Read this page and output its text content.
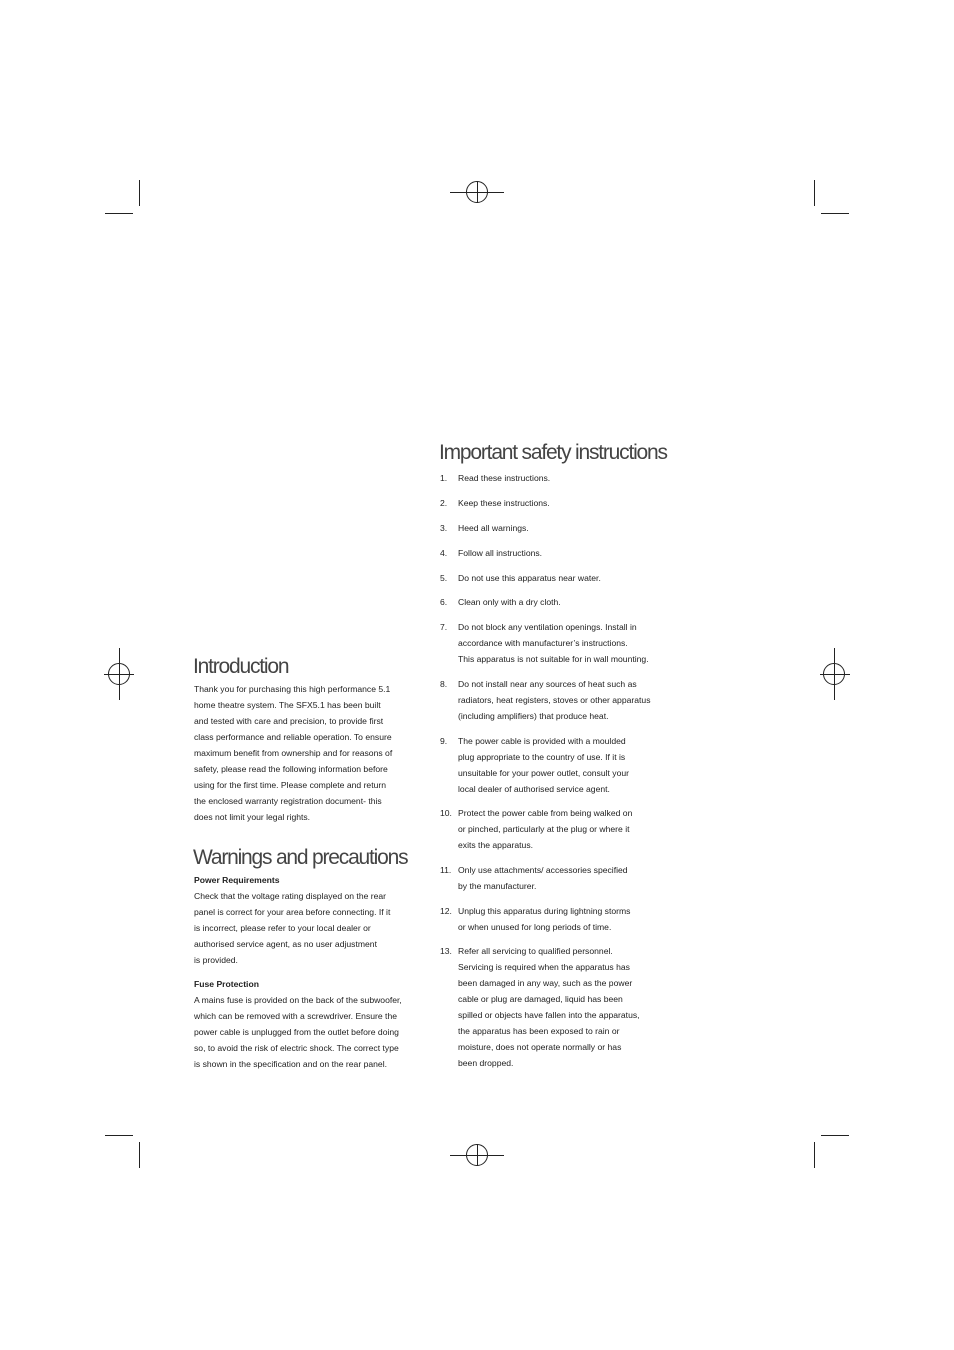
Introduction
Thank you for purchasing this high performance 5.1
home theatre system. The SFX5.1 has been built
and tested with care and precision, to provide first
class performance and reliable operation. To ensure
maximum benefit from ownership and for reasons of
safety, please read the following information before
using for the first time. Please complete and return
the enclosed warranty registration document- this
does not limit your legal rights.
Warnings and precautions
Power Requirements
Check that the voltage rating displayed on the rear
panel is correct for your area before connecting. If it
is incorrect, please refer to your local dealer or
authorised service agent, as no user adjustment
is provided.
Fuse Protection
A mains fuse is provided on the back of the subwoofer,
which can be removed with a screwdriver. Ensure the
power cable is unplugged from the outlet before doing
so, to avoid the risk of electric shock. The correct type
is shown in the specification and on the rear panel.
Important safety instructions
1. Read these instructions.
2. Keep these instructions.
3. Heed all warnings.
4. Follow all instructions.
5. Do not use this apparatus near water.
6. Clean only with a dry cloth.
7. Do not block any ventilation openings. Install in
accordance with manufacturer’s instructions.
This apparatus is not suitable for in wall mounting.
8. Do not install near any sources of heat such as
radiators, heat registers, stoves or other apparatus
(including amplifiers) that produce heat.
9. The power cable is provided with a moulded
plug appropriate to the country of use. If it is
unsuitable for your power outlet, consult your
local dealer of authorised service agent.
10. Protect the power cable from being walked on
or pinched, particularly at the plug or where it
exits the apparatus.
11. Only use attachments/ accessories specified
by the manufacturer.
12. Unplug this apparatus during lightning storms
or when unused for long periods of time.
13. Refer all servicing to qualified personnel.
Servicing is required when the apparatus has
been damaged in any way, such as the power
cable or plug are damaged, liquid has been
spilled or objects have fallen into the apparatus,
the apparatus has been exposed to rain or
moisture, does not operate normally or has
been dropped.
